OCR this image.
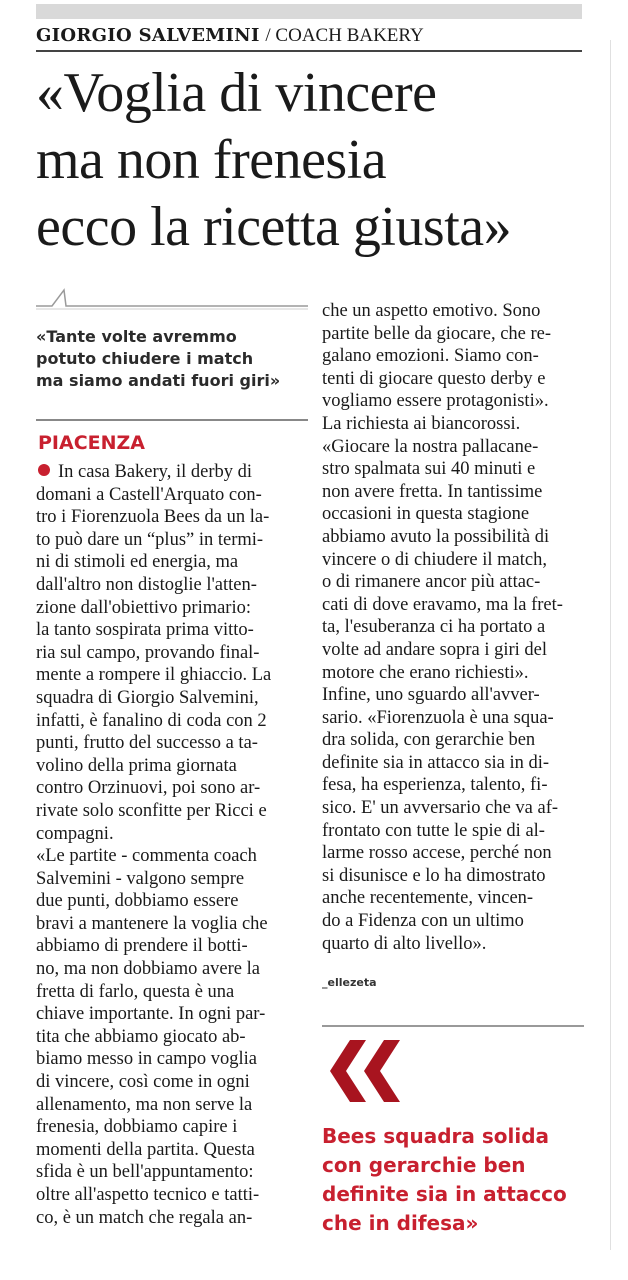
GIORGIO SALVEMINI / COACH BAKERY
«Voglia di vincere
ma non frenesia
ecco la ricetta giusta»
«Tante volte avremmo
potuto chiudere i match
ma siamo andati fuori giri»
PIACENZA
In casa Bakery, il derby di
domani a Castell'Arquato con-
tro i Fiorenzuola Bees da un la-
to può dare un “plus” in termi-
ni di stimoli ed energia, ma
dall'altro non distoglie l'atten-
zione dall'obiettivo primario:
la tanto sospirata prima vitto-
ria sul campo, provando final-
mente a rompere il ghiaccio. La
squadra di Giorgio Salvemini,
infatti, è fanalino di coda con 2
punti, frutto del successo a ta-
volino della prima giornata
contro Orzinuovi, poi sono ar-
rivate solo sconfitte per Ricci e
compagni.
«Le partite - commenta coach
Salvemini - valgono sempre
due punti, dobbiamo essere
bravi a mantenere la voglia che
abbiamo di prendere il botti-
no, ma non dobbiamo avere la
fretta di farlo, questa è una
chiave importante. In ogni par-
tita che abbiamo giocato ab-
biamo messo in campo voglia
di vincere, così come in ogni
allenamento, ma non serve la
frenesia, dobbiamo capire i
momenti della partita. Questa
sfida è un bell'appuntamento:
oltre all'aspetto tecnico e tatti-
co, è un match che regala an-
che un aspetto emotivo. Sono
partite belle da giocare, che re-
galano emozioni. Siamo con-
tenti di giocare questo derby e
vogliamo essere protagonisti».
La richiesta ai biancorossi.
«Giocare la nostra pallacane-
stro spalmata sui 40 minuti e
non avere fretta. In tantissime
occasioni in questa stagione
abbiamo avuto la possibilità di
vincere o di chiudere il match,
o di rimanere ancor più attac-
cati di dove eravamo, ma la fret-
ta, l'esuberanza ci ha portato a
volte ad andare sopra i giri del
motore che erano richiesti».
Infine, uno sguardo all'avver-
sario. «Fiorenzuola è una squa-
dra solida, con gerarchie ben
definite sia in attacco sia in di-
fesa, ha esperienza, talento, fi-
sico. E' un avversario che va af-
frontato con tutte le spie di al-
larme rosso accese, perché non
si disunisce e lo ha dimostrato
anche recentemente, vincen-
do a Fidenza con un ultimo
quarto di alto livello».
_ellezeta
Bees squadra solida
con gerarchie ben
definite sia in attacco
che in difesa»
